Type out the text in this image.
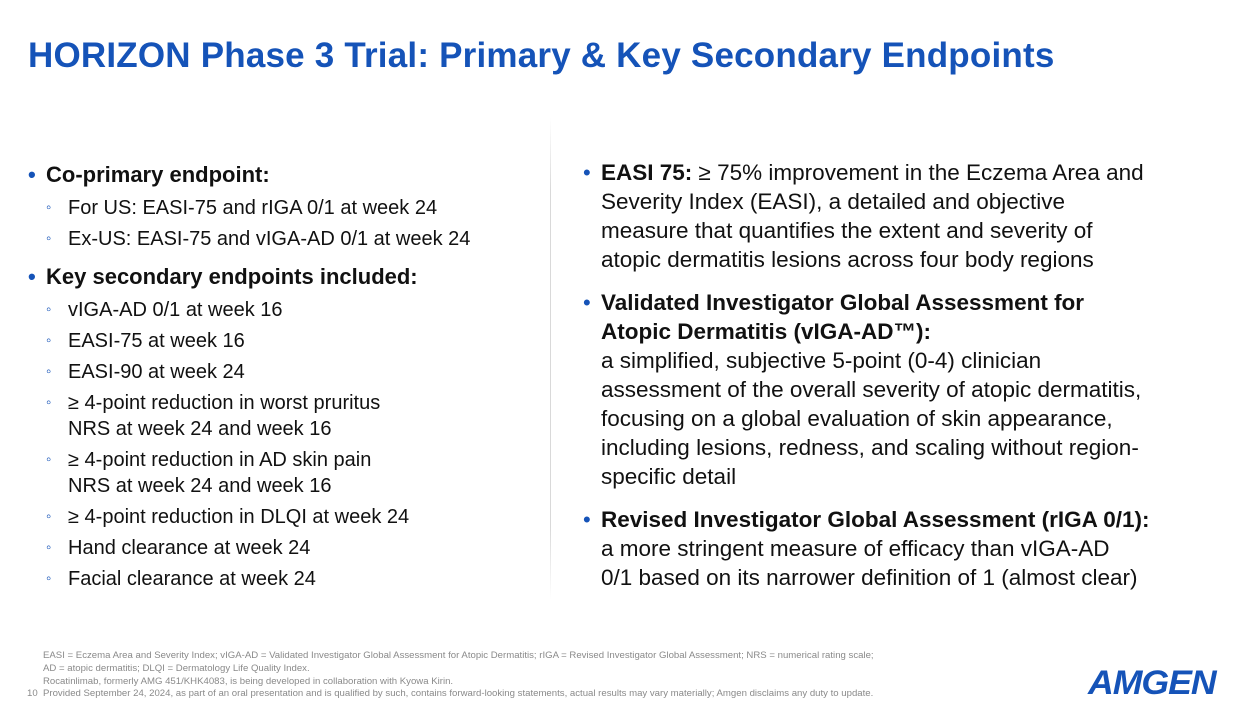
HORIZON Phase 3 Trial: Primary & Key Secondary Endpoints
• Co-primary endpoint:
◦ For US: EASI-75 and rIGA 0/1 at week 24
◦ Ex-US: EASI-75 and vIGA-AD 0/1 at week 24
• Key secondary endpoints included:
◦ vIGA-AD 0/1 at week 16
◦ EASI-75 at week 16
◦ EASI-90 at week 24
◦ ≥ 4-point reduction in worst pruritus
NRS at week 24 and week 16
◦ ≥ 4-point reduction in AD skin pain
NRS at week 24 and week 16
◦ ≥ 4-point reduction in DLQI at week 24
◦ Hand clearance at week 24
◦ Facial clearance at week 24
• EASI 75: ≥ 75% improvement in the Eczema Area and
Severity Index (EASI), a detailed and objective
measure that quantifies the extent and severity of
atopic dermatitis lesions across four body regions
• Validated Investigator Global Assessment for
Atopic Dermatitis (vIGA-AD™):
a simplified, subjective 5-point (0-4) clinician
assessment of the overall severity of atopic dermatitis,
focusing on a global evaluation of skin appearance,
including lesions, redness, and scaling without region-
specific detail
• Revised Investigator Global Assessment (rIGA 0/1):
a more stringent measure of efficacy than vIGA-AD
0/1 based on its narrower definition of 1 (almost clear)
EASI = Eczema Area and Severity Index; vIGA-AD = Validated Investigator Global Assessment for Atopic Dermatitis; rIGA = Revised Investigator Global Assessment; NRS = numerical rating scale;
AD = atopic dermatitis; DLQI = Dermatology Life Quality Index.
Rocatinlimab, formerly AMG 451/KHK4083, is being developed in collaboration with Kyowa Kirin.
Provided September 24, 2024, as part of an oral presentation and is qualified by such, contains forward-looking statements, actual results may vary materially; Amgen disclaims any duty to update.
10	AMGEN
